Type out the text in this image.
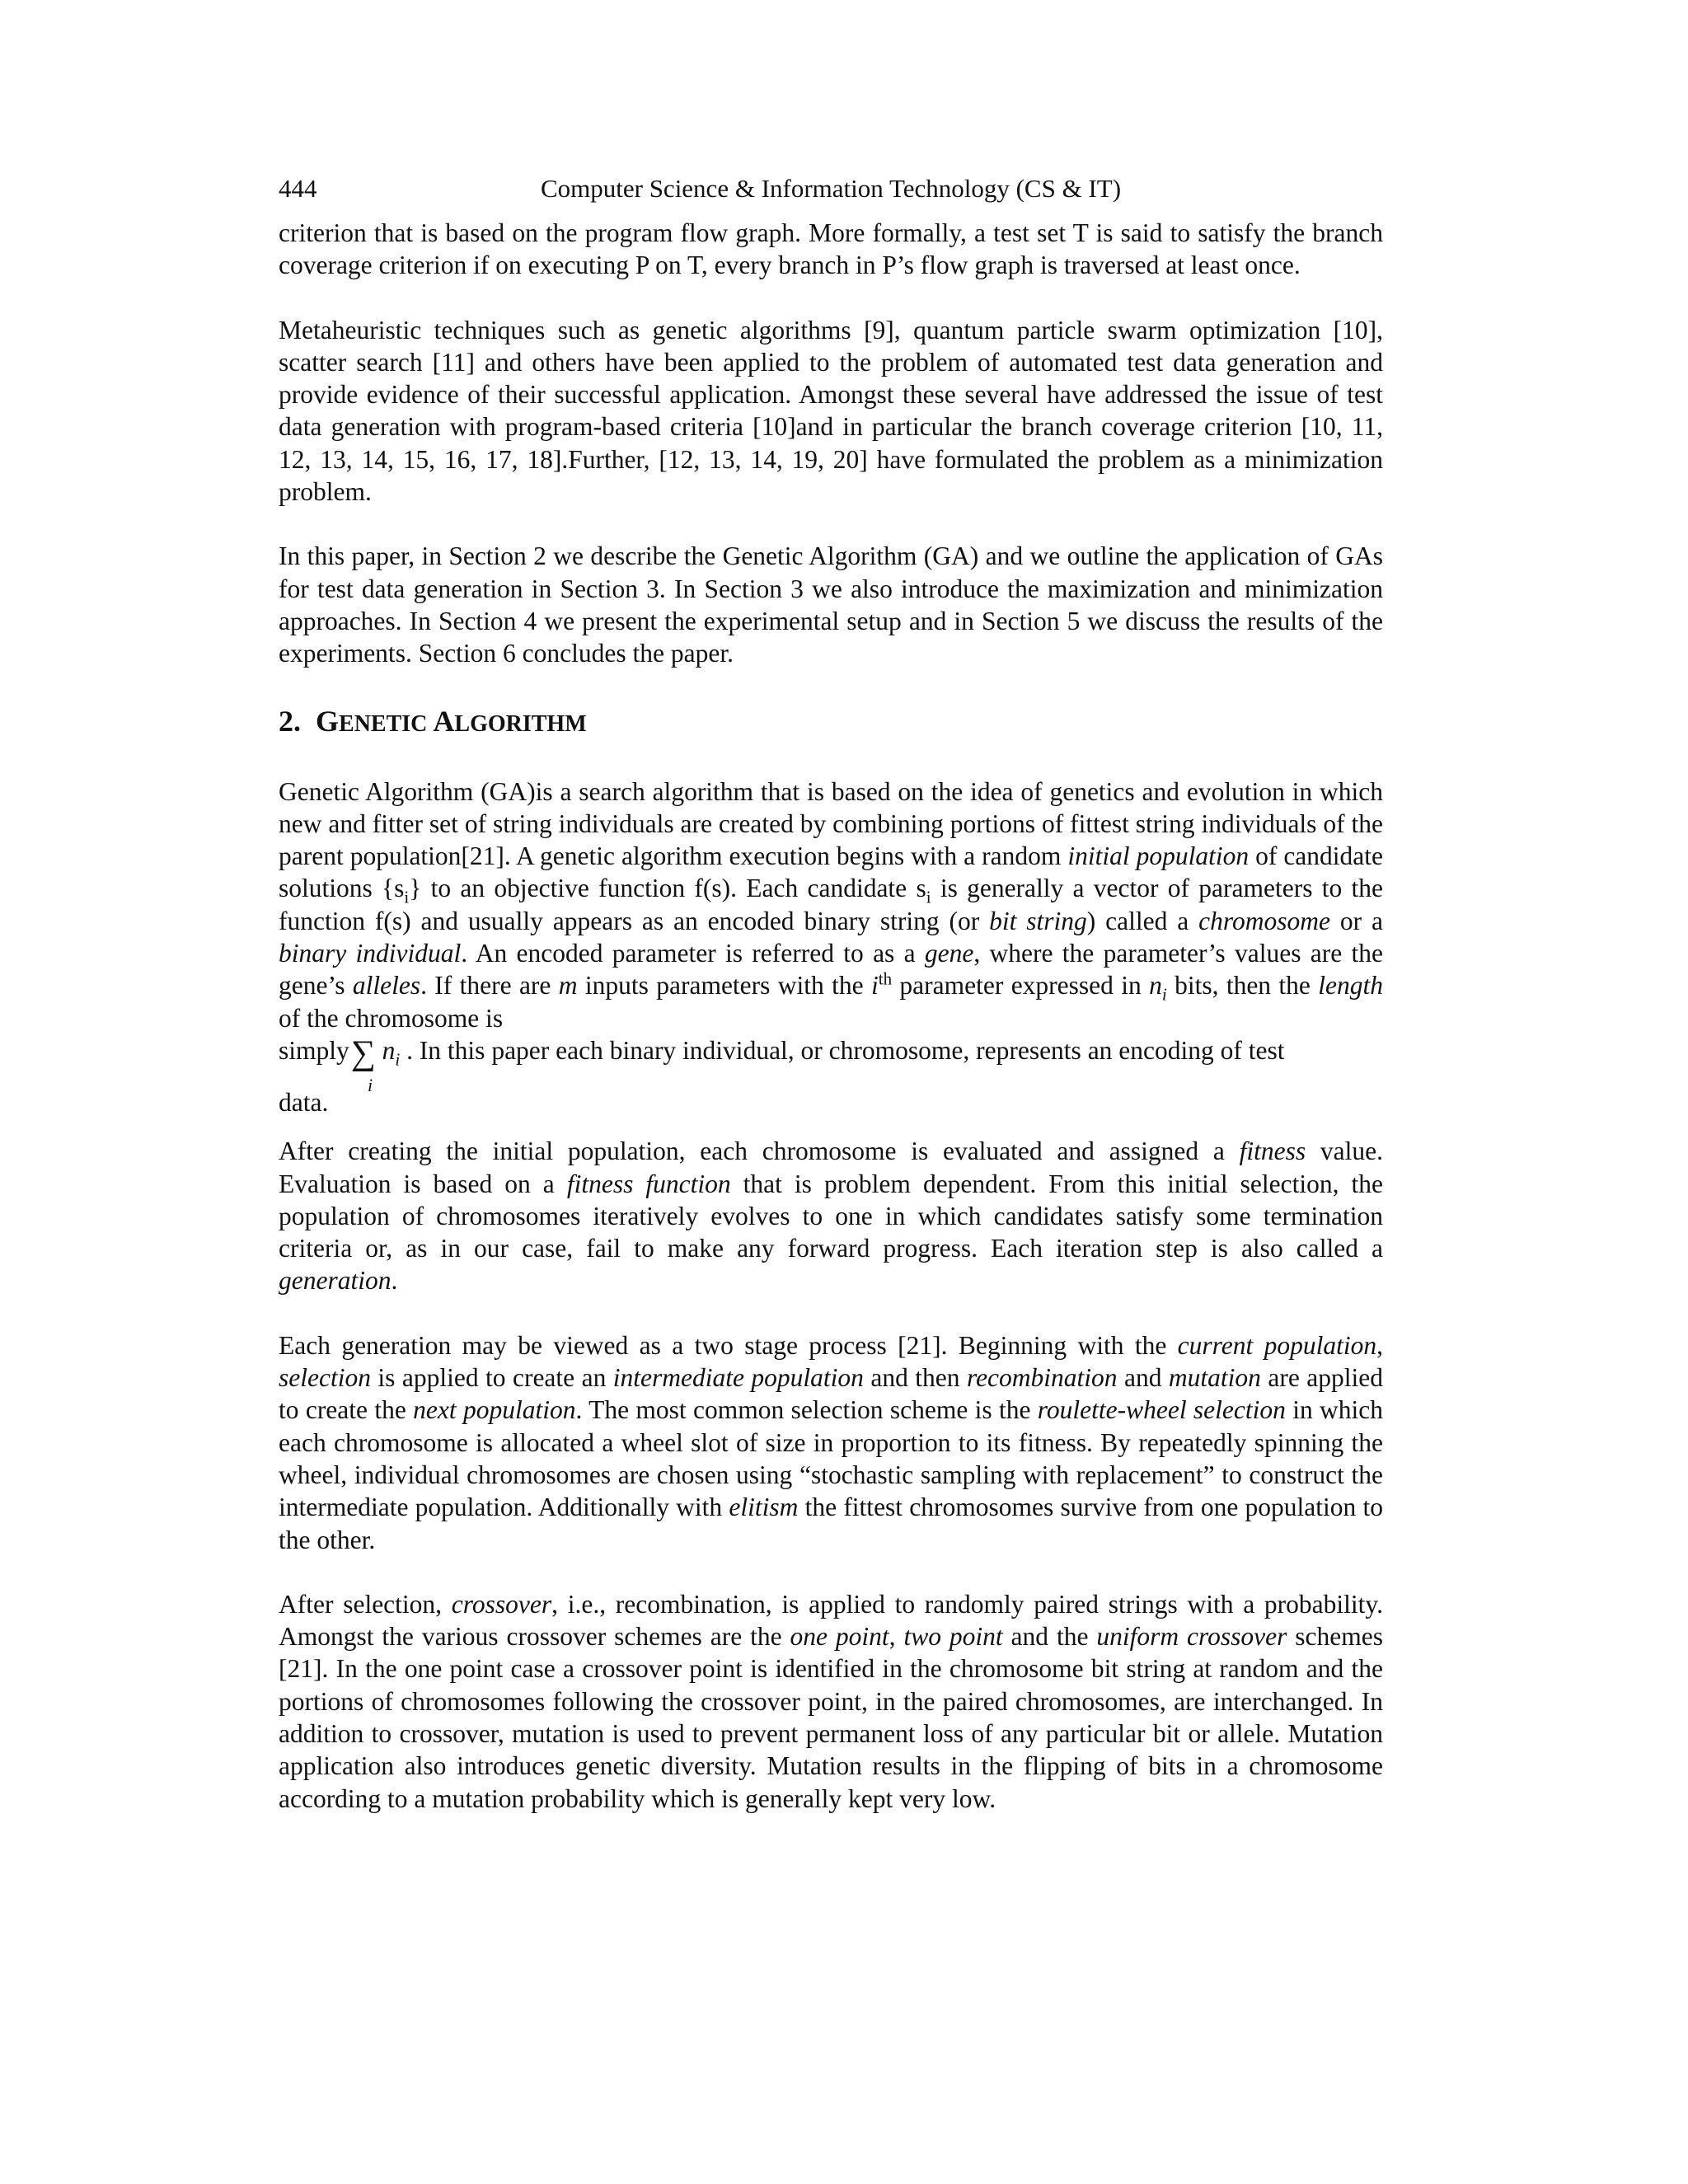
444	Computer Science & Information Technology (CS & IT)

criterion that is based on the program flow graph. More formally, a test set T is said to satisfy the branch coverage criterion if on executing P on T, every branch in P’s flow graph is traversed at least once.

Metaheuristic techniques such as genetic algorithms [9], quantum particle swarm optimization [10], scatter search [11] and others have been applied to the problem of automated test data generation and provide evidence of their successful application. Amongst these several have addressed the issue of test data generation with program-based criteria [10]and in particular the branch coverage criterion [10, 11, 12, 13, 14, 15, 16, 17, 18].Further, [12, 13, 14, 19, 20] have formulated the problem as a minimization problem.

In this paper, in Section 2 we describe the Genetic Algorithm (GA) and we outline the application of GAs for test data generation in Section 3. In Section 3 we also introduce the maximization and minimization approaches. In Section 4 we present the experimental setup and in Section 5 we discuss the results of the experiments. Section 6 concludes the paper.

2. GENETIC ALGORITHM

Genetic Algorithm (GA)is a search algorithm that is based on the idea of genetics and evolution in which new and fitter set of string individuals are created by combining portions of fittest string individuals of the parent population[21]. A genetic algorithm execution begins with a random initial population of candidate solutions $\{s_i\}$ to an objective function f(s). Each candidate $s_i$ is generally a vector of parameters to the function f(s) and usually appears as an encoded binary string (or bit string) called a chromosome or a binary individual. An encoded parameter is referred to as a gene, where the parameter’s values are the gene’s alleles. If there are m inputs parameters with the $i^{th}$ parameter expressed in $n_i$ bits, then the length of the chromosome is

simply∑ $n_i$ . In this paper each binary individual, or chromosome, represents an encoding of test

i

data.

After creating the initial population, each chromosome is evaluated and assigned a fitness value. Evaluation is based on a fitness function that is problem dependent. From this initial selection, the population of chromosomes iteratively evolves to one in which candidates satisfy some termination criteria or, as in our case, fail to make any forward progress. Each iteration step is also called a generation.

Each generation may be viewed as a two stage process [21]. Beginning with the current population, selection is applied to create an intermediate population and then recombination and mutation are applied to create the next population. The most common selection scheme is the roulette-wheel selection in which each chromosome is allocated a wheel slot of size in proportion to its fitness. By repeatedly spinning the wheel, individual chromosomes are chosen using “stochastic sampling with replacement” to construct the intermediate population. Additionally with elitism the fittest chromosomes survive from one population to the other.

After selection, crossover, i.e., recombination, is applied to randomly paired strings with a probability. Amongst the various crossover schemes are the one point, two point and the uniform crossover schemes [21]. In the one point case a crossover point is identified in the chromosome bit string at random and the portions of chromosomes following the crossover point, in the paired chromosomes, are interchanged. In addition to crossover, mutation is used to prevent permanent loss of any particular bit or allele. Mutation application also introduces genetic diversity. Mutation results in the flipping of bits in a chromosome according to a mutation probability which is generally kept very low.
